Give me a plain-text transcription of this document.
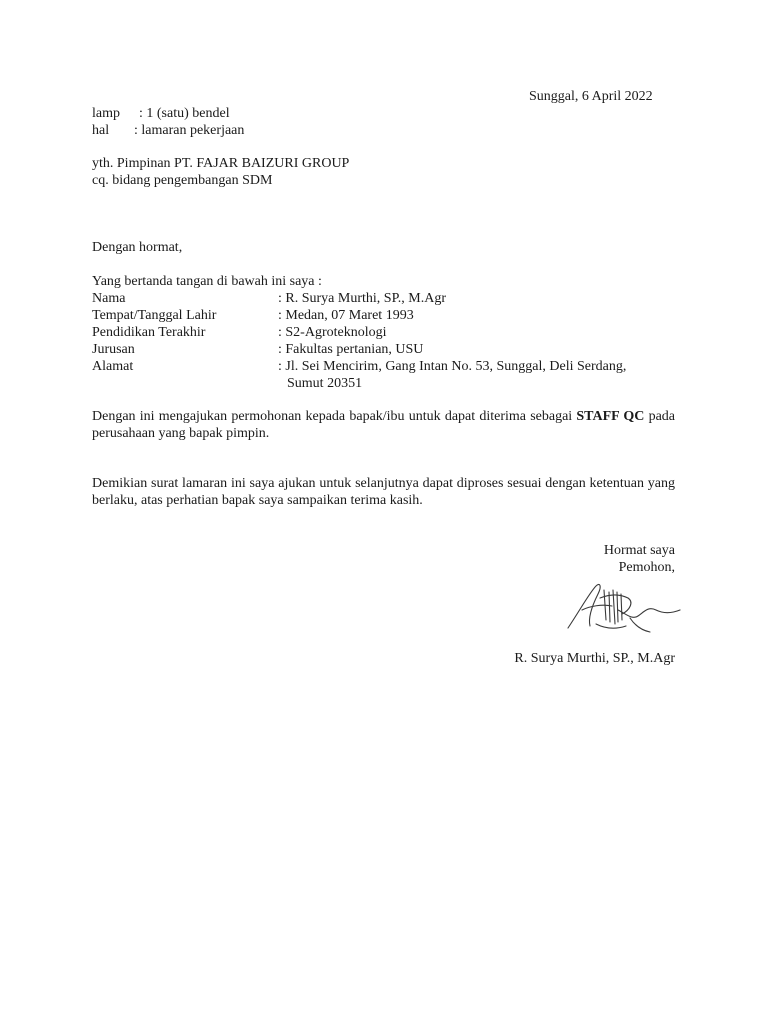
Sunggal, 6 April 2022
lamp : 1 (satu) bendel
hal : lamaran pekerjaan
yth. Pimpinan PT. FAJAR BAIZURI GROUP
cq. bidang pengembangan SDM
Dengan hormat,
Yang bertanda tangan di bawah ini saya :
Nama	: R. Surya Murthi, SP., M.Agr
Tempat/Tanggal Lahir	: Medan, 07 Maret 1993
Pendidikan Terakhir	: S2-Agroteknologi
Jurusan	: Fakultas pertanian, USU
Alamat	: Jl. Sei Mencirim, Gang Intan No. 53, Sunggal, Deli Serdang,
Sumut 20351
Dengan ini mengajukan permohonan kepada bapak/ibu untuk dapat diterima sebagai STAFF QC pada perusahaan yang bapak pimpin.
Demikian surat lamaran ini saya ajukan untuk selanjutnya dapat diproses sesuai dengan ketentuan yang berlaku, atas perhatian bapak saya sampaikan terima kasih.
Hormat saya
Pemohon,
R. Surya Murthi, SP., M.Agr
